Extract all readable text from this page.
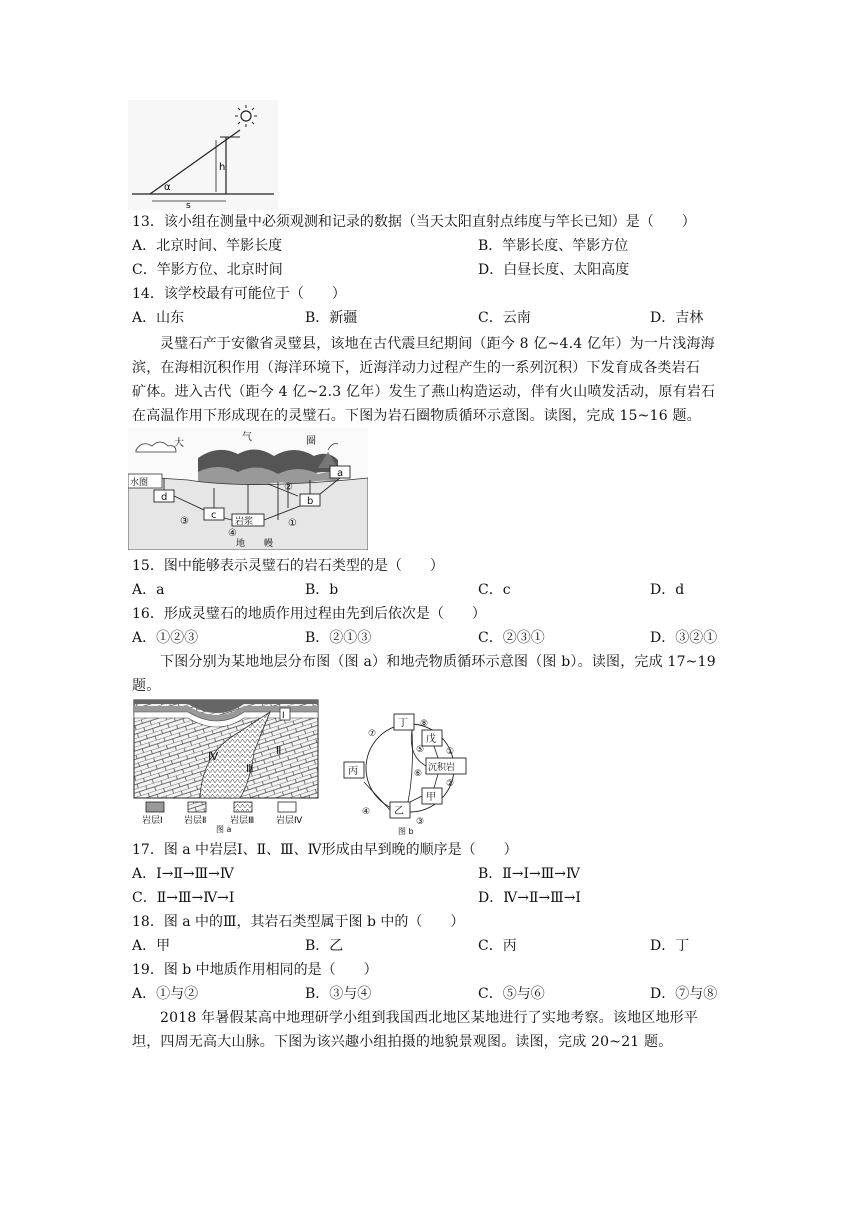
h
α
s
13．该小组在测量中必须观测和记录的数据（当天太阳直射点纬度与竿长已知）是（　　）
A．北京时间、竿影长度	B．竿影长度、竿影方位
C．竿影方位、北京时间	D．白昼长度、太阳高度
14．该学校最有可能位于（　　）
A．山东	B．新疆	C．云南	D．吉林
灵璧石产于安徽省灵璧县，该地在古代震旦纪期间（距今 8 亿~4.4 亿年）为一片浅海海
滨，在海相沉积作用（海洋环境下，近海洋动力过程产生的一系列沉积）下发育成各类岩石
矿体。进入古代（距今 4 亿~2.3 亿年）发生了燕山构造运动，伴有火山喷发活动，原有岩石
在高温作用下形成现在的灵璧石。下图为岩石圈物质循环示意图。读图，完成 15~16 题。
大
气	圈
水圈
a
b
c
d
岩浆
地 幔
①
②
③
④
15．图中能够表示灵璧石的岩石类型的是（　　）
A．a	B．b	C．c	D．d
16．形成灵璧石的地质作用过程由先到后依次是（　　）
A．①②③	B．②①③	C．②③①	D．③②①
下图分别为某地地层分布图（图 a）和地壳物质循环示意图（图 b）。读图，完成 17~19
题。
Ⅰ
Ⅱ
Ⅲ
Ⅳ
岩层Ⅰ 岩层Ⅱ	岩层Ⅲ 岩层Ⅳ
图 a
丁
戊
沉积岩
甲
乙
丙
①
②
③
④
⑤
⑥
⑦
⑧
图 b
17．图 a 中岩层Ⅰ、Ⅱ、Ⅲ、Ⅳ形成由早到晚的顺序是（　　）
A．Ⅰ→Ⅱ→Ⅲ→Ⅳ	B．Ⅱ→Ⅰ→Ⅲ→Ⅳ
C．Ⅱ→Ⅲ→Ⅳ→Ⅰ	D．Ⅳ→Ⅱ→Ⅲ→Ⅰ
18．图 a 中的Ⅲ，其岩石类型属于图 b 中的（　　）
A．甲	B．乙	C．丙	D．丁
19．图 b 中地质作用相同的是（　　）
A．①与②	B．③与④	C．⑤与⑥	D．⑦与⑧
2018 年暑假某高中地理研学小组到我国西北地区某地进行了实地考察。该地区地形平
坦，四周无高大山脉。下图为该兴趣小组拍摄的地貌景观图。读图，完成 20~21 题。
